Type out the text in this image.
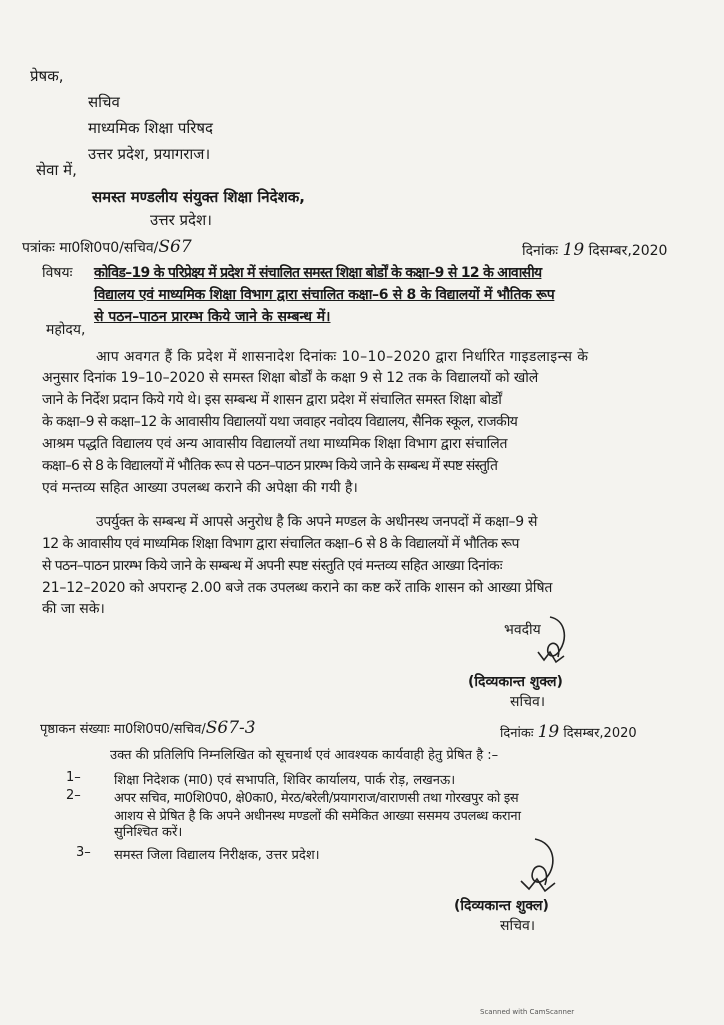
प्रेषक,
सचिव
माध्यमिक शिक्षा परिषद
उत्तर प्रदेश, प्रयागराज।
सेवा में,
समस्त मण्डलीय संयुक्त शिक्षा निदेशक,
उत्तर प्रदेश।
पत्रांकः मा0शि0प0/सचिव/S67	दिनांकः 19 दिसम्बर,2020
विषयः कोविड–19 के परिप्रेक्ष्य में प्रदेश में संचालित समस्त शिक्षा बोर्डों के कक्षा–9 से 12 के आवासीय
विद्यालय एवं माध्यमिक शिक्षा विभाग द्वारा संचालित कक्षा–6 से 8 के विद्यालयों में भौतिक रूप
से पठन–पाठन प्रारम्भ किये जाने के सम्बन्ध में।
महोदय,
आप अवगत हैं कि प्रदेश में शासनादेश दिनांकः 10–10–2020 द्वारा निर्धारित गाइडलाइन्स के
अनुसार दिनांक 19–10–2020 से समस्त शिक्षा बोर्डों के कक्षा 9 से 12 तक के विद्यालयों को खोले
जाने के निर्देश प्रदान किये गये थे। इस सम्बन्ध में शासन द्वारा प्रदेश में संचालित समस्त शिक्षा बोर्डों
के कक्षा–9 से कक्षा–12 के आवासीय विद्यालयों यथा जवाहर नवोदय विद्यालय, सैनिक स्कूल, राजकीय
आश्रम पद्धति विद्यालय एवं अन्य आवासीय विद्यालयों तथा माध्यमिक शिक्षा विभाग द्वारा संचालित
कक्षा–6 से 8 के विद्यालयों में भौतिक रूप से पठन–पाठन प्रारम्भ किये जाने के सम्बन्ध में स्पष्ट संस्तुति
एवं मन्तव्य सहित आख्या उपलब्ध कराने की अपेक्षा की गयी है।
उपर्युक्त के सम्बन्ध में आपसे अनुरोध है कि अपने मण्डल के अधीनस्थ जनपदों में कक्षा–9 से
12 के आवासीय एवं माध्यमिक शिक्षा विभाग द्वारा संचालित कक्षा–6 से 8 के विद्यालयों में भौतिक रूप
से पठन–पाठन प्रारम्भ किये जाने के सम्बन्ध में अपनी स्पष्ट संस्तुति एवं मन्तव्य सहित आख्या दिनांकः
21–12–2020 को अपरान्ह 2.00 बजे तक उपलब्ध कराने का कष्ट करें ताकि शासन को आख्या प्रेषित
की जा सके।
भवदीय
(दिव्यकान्त शुक्ल)
सचिव।
पृष्ठाकन संख्याः मा0शि0प0/सचिव/S67-3	दिनांकः 19 दिसम्बर,2020
उक्त की प्रतिलिपि निम्नलिखित को सूचनार्थ एवं आवश्यक कार्यवाही हेतु प्रेषित है :–
1–	शिक्षा निदेशक (मा0) एवं सभापति, शिविर कार्यालय, पार्क रोड़, लखनऊ।
2–	अपर सचिव, मा0शि0प0, क्षे0का0, मेरठ/बरेली/प्रयागराज/वाराणसी तथा गोरखपुर को इस
आशय से प्रेषित है कि अपने अधीनस्थ मण्डलों की समेकित आख्या ससमय उपलब्ध कराना
सुनिश्चित करें।
3– समस्त जिला विद्यालय निरीक्षक, उत्तर प्रदेश।
(दिव्यकान्त शुक्ल)
सचिव।
Scanned with CamScanner
